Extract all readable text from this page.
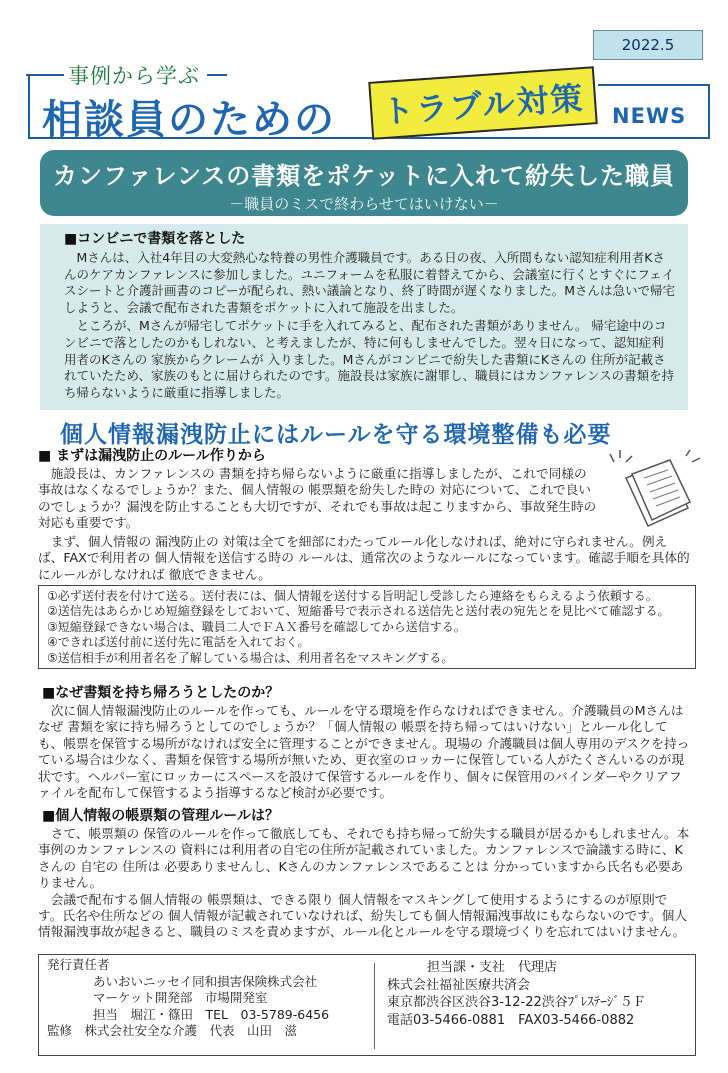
2022.5
事例から学ぶ
相談員のための トラブル対策 NEWS
カンファレンスの書類をポケットに入れて紛失した職員
－職員のミスで終わらせてはいけない－
■コンビニで書類を落とした

Mさんは、入社4年目の大変熱心な特養の男性介護職員です。ある日の夜、入所間もない認知症利用者Kさんのケアカンファレンスに参加しました。ユニフォームを私服に着替えてから、会議室に行くとすぐにフェイスシートと介護計画書のコピーが配られ、熱い議論となり、終了時間が遅くなりました。Mさんは急いで帰宅しようと、会議で配布された書類をポケットに入れて施設を出ました。

ところが、Mさんが帰宅してポケットに手を入れてみると、配布された書類がありません。 帰宅途中のコンビニで落としたのかもしれない、と考えましたが、特に何もしませんでした。翌々日になって、認知症利用者のKさんの 家族からクレームが 入りました。Mさんがコンビニで紛失した書類にKさんの 住所が記載されていたため、家族のもとに届けられたのです。施設長は家族に謝罪し、職員にはカンファレンスの書類を持ち帰らないように厳重に指導しました。

個人情報漏洩防止にはルールを守る環境整備も必要
■ まずは漏洩防止のルール作りから

施設長は、カンファレンスの 書類を持ち帰らないように厳重に指導しましたが、これで同様の事故はなくなるでしょうか？また、個人情報の 帳票類を紛失した時の 対応について、これで良いのでしょうか？漏洩を防止することも大切ですが、それでも事故は起こりますから、事故発生時の対応も重要です。

まず、個人情報の 漏洩防止の 対策は全てを細部にわたってルール化しなければ、絶対に守られません。例えば、FAXで利用者の 個人情報を送信する時の ルールは、通常次のようなルールになっています。確認手順を具体的にルールがしなければ 徹底できません。

①必ず送付表を付けて送る。送付表には、個人情報を送付する旨明記し受診したら連絡をもらえるよう依頼する。
②送信先はあらかじめ短縮登録をしておいて、短縮番号で表示される送信先と送付表の宛先とを見比べて確認する。
③短縮登録できない場合は、職員二人でＦＡＸ番号を確認してから送信する。
④できれば送付前に送付先に電話を入れておく。
⑤送信相手が利用者名を了解している場合は、利用者名をマスキングする。
■なぜ書類を持ち帰ろうとしたのか？

次に個人情報漏洩防止のルールを作っても、ルールを守る環境を作らなければできません。介護職員のMさんはなぜ 書類を家に持ち帰ろうとしてのでしょうか？「個人情報の 帳票を持ち帰ってはいけない」とルール化しても、帳票を保管する場所がなければ安全に管理することができません。現場の 介護職員は個人専用のデスクを持っている場合は少なく、書類を保管する場所が無いため、更衣室のロッカーに保管している人がたくさんいるのが現状です。ヘルパー室にロッカーにスペースを設けて保管するルールを作り、個々に保管用のバインダーやクリアファイルを配布して保管するよう指導するなど検討が必要です。

■個人情報の帳票類の管理ルールは？

さて、帳票類の 保管のルールを作って徹底しても、それでも持ち帰って紛失する職員が居るかもしれません。本事例のカンファレンスの 資料には利用者の自宅の住所が記載されていました。カンファレンスで論議する時に、Kさんの 自宅の 住所は 必要ありませんし、Kさんのカンファレンスであることは 分かっていますから氏名も必要ありません。

会議で配布する個人情報の 帳票類は、できる限り 個人情報をマスキングして使用するようにするのが原則です。氏名や住所などの 個人情報が記載されていなければ、紛失しても個人情報漏洩事故にもならないのです。個人情報漏洩事故が起きると、職員のミスを責めますが、ルール化とルールを守る環境づくりを忘れてはいけません。

発行責任者
あいおいニッセイ同和損害保険株式会社
マーケット開発部　市場開発室
担当　堀江・篠田　TEL　03-5789-6456
監修　株式会社安全な介護　代表　山田　滋
担当課・支社　代理店
株式会社福祉医療共済会
東京都渋谷区渋谷3-12-22渋谷ﾌﾟﾚｽﾃｰｼﾞ５Ｆ
電話03-5466-0881　FAX03-5466-0882
